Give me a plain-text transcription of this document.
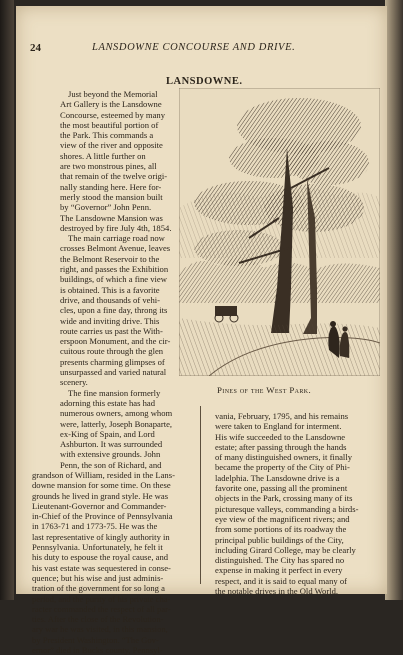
24	LANSDOWNE CONCOURSE AND DRIVE.
LANSDOWNE.
Just beyond the Memorial
Art Gallery is the Lansdowne
Concourse, esteemed by many
the most beautiful portion of
the Park. This commands a
view of the river and opposite
shores. A little further on
are two monstrous pines, all
that remain of the twelve origi-
nally standing here. Here for-
merly stood the mansion built
by “Governor” John Penn.
The Lansdowne Mansion was
destroyed by fire July 4th, 1854.
The main carriage road now
crosses Belmont Avenue, leaves
the Belmont Reservoir to the
right, and passes the Exhibition
buildings, of which a fine view
is obtained. This is a favorite
drive, and thousands of vehi-
cles, upon a fine day, throng its
wide and inviting drive. This
route carries us past the With-
erspoon Monument, and the cir-
cuitous route through the glen
presents charming glimpses of
unsurpassed and varied natural
scenery.
The fine mansion formerly
adorning this estate has had
numerous owners, among whom
were, latterly, Joseph Bonaparte,
ex-King of Spain, and Lord
Ashburton. It was surrounded
with extensive grounds. John
Penn, the son of Richard, and
grandson of William, resided in the Lans-
downe mansion for some time. On these
grounds he lived in grand style. He was
Lieutenant-Governor and Commander-
in-Chief of the Province of Pennsylvania
in 1763-71 and 1773-75. He was the
last representative of kingly authority in
Pennsylvania. Unfortunately, he felt it
his duty to espouse the royal cause, and
his vast estate was sequestered in conse-
quence; but his wise and just adminis-
tration of the government for so long a
period, and the purity of his private cha-
racter commanded the respect of all par-
ties. After the close of the Revolution-
ary war he was visited, in this mansion,
by President Washington. “The Gov-
ernor” died in Bucks county, Pennsyl-
Pines of the West Park.
vania, February, 1795, and his remains
were taken to England for interment.
His wife succeeded to the Lansdowne
estate; after passing through the hands
of many distinguished owners, it finally
became the property of the City of Phi-
ladelphia. The Lansdowne drive is a
favorite one, passing all the prominent
objects in the Park, crossing many of its
picturesque valleys, commanding a birds-
eye view of the magnificent rivers; and
from some portions of its roadway the
principal public buildings of the City,
including Girard College, may be clearly
distinguished. The City has spared no
expense in making it perfect in every
respect, and it is said to equal many of
the notable drives in the Old World.
